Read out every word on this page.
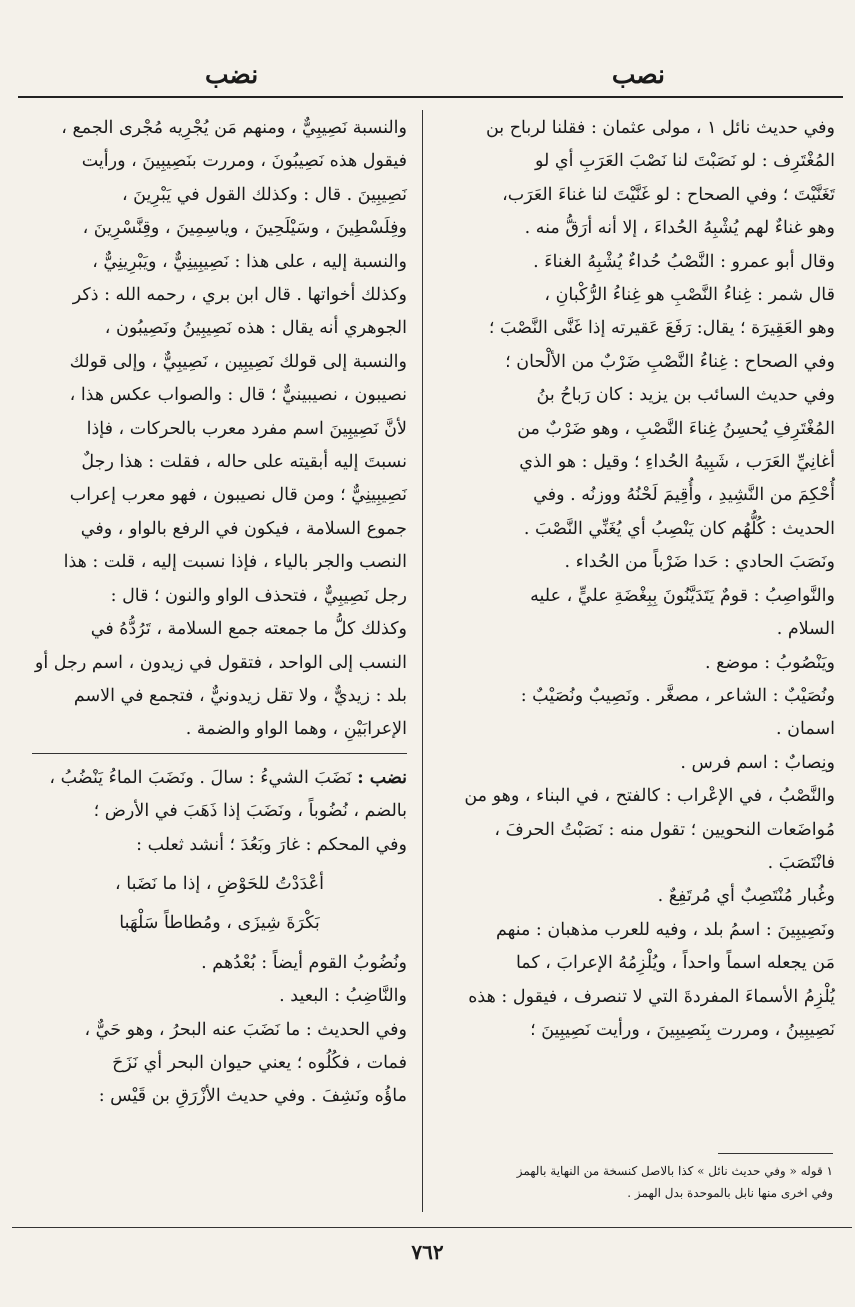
نصب
نضب

وفي حديث نائل ١ ، مولى عثمان : فقلنا لرباح بن

المُغْتَرِف : لو نَصَبْتَ لنا نَصْبَ العَرَبِ أي لو

تَغَنَّيْتَ ؛ وفي الصحاح : لو غَنَّيْتَ لنا غناءَ العَرَب،

وهو غناءٌ لهم يُشْبِهُ الحُداءَ ، إلا أنه أرَقُّ منه .

وقال أبو عمرو : النَّصْبُ حُداءٌ يُشْبِهُ الغناءَ .

قال شمر : غِناءُ النَّصْبِ هو غِناءُ الرُّكْبانِ ،

وهو العَقِيرَة ؛ يقال: رَفَعَ عَقيرته إذا غَنَّى النَّصْبَ ؛

وفي الصحاح : غِناءُ النَّصْبِ ضَرْبٌ من الألْحان ؛

وفي حديث السائب بن يزيد : كان رَباحُ بنُ

المُغْتَرِفِ يُحسِنُ غِناءَ النَّصْبِ ، وهو ضَرْبٌ من

أغانِيِّ العَرَب ، شَبِيهُ الحُداءِ ؛ وقيل : هو الذي

أُحْكِمَ من النَّشِيدِ ، وأُقِيمَ لَحْنُهُ ووزنُه . وفي

الحديث : كُلُّهُم كان يَنْصِبُ أي يُغَنِّي النَّصْبَ .

ونَصَبَ الحادي : حَدا ضَرْباً من الحُداء .

والنَّواصِبُ : قومٌ يَتَدَيَّنُونَ بِبِغْضَةِ عليٍّ ، عليه

السلام .

ويَنْصُوبُ : موضع .

ونُصَيْبٌ : الشاعر ، مصغَّر . ونَصِيبٌ ونُصَيْبٌ :

اسمان .

ونِصابٌ : اسم فرس .

والنَّصْبُ ، في الإعْراب : كالفتح ، في البناء ، وهو من

مُواضَعات النحويين ؛ تقول منه : نَصَبْتُ الحرفَ ،

فانْتَصَبَ .

وغُبار مُنْتَصِبٌ أي مُرتَفِعٌ .

ونَصِيبِينَ : اسمُ بلد ، وفيه للعرب مذهبان : منهم

مَن يجعله اسماً واحداً ، ويُلْزِمُهُ الإعرابَ ، كما

يُلْزِمُ الأسماءَ المفردةَ التي لا تنصرف ، فيقول : هذه

نَصِيبِينُ ، ومررت بِنَصِيبِينَ ، ورأيت نَصِيبِينَ ؛

والنسبة نَصِيبِيٌّ ، ومنهم مَن يُجْرِيه مُجْرى الجمع ،

فيقول هذه نَصِيبُونَ ، ومررت بنَصِيبِينَ ، ورأيت

نَصِيبِينَ . قال : وكذلك القول في يَبْرِينَ ،

وفِلَسْطِينَ ، وسَيْلَحِينَ ، وياسِمِينَ ، وقِنَّسْرِينَ ،

والنسبة إليه ، على هذا : نَصِيبِينِيٌّ ، ويَبْرِينِيٌّ ،

وكذلك أخواتها . قال ابن بري ، رحمه الله : ذكر

الجوهري أنه يقال : هذه نَصِيبِينُ ونَصِيبُون ،

والنسبة إلى قولك نَصِيبِين ، نَصِيبِيٌّ ، وإلى قولك

نصيبون ، نصيبينيٌّ ؛ قال : والصواب عكس هذا ،

لأنَّ نَصِيبِينَ اسم مفرد معرب بالحركات ، فإذا

نسبتَ إليه أبقيته على حاله ، فقلت : هذا رجلٌ

نَصِيبِينِيٌّ ؛ ومن قال نصيبون ، فهو معرب إعراب

جموع السلامة ، فيكون في الرفع بالواو ، وفي

النصب والجر بالياء ، فإذا نسبت إليه ، قلت : هذا

رجل نَصِيبِيٌّ ، فتحذف الواو والنون ؛ قال :

وكذلك كلُّ ما جمعته جمع السلامة ، تَرُدُّهُ في

النسب إلى الواحد ، فتقول في زيدون ، اسم رجل أو

بلد : زيديٌّ ، ولا تقل زيدونيٌّ ، فتجمع في الاسم

الإعرابَيْنِ ، وهما الواو والضمة .

نضب : نَضَبَ الشيءُ : سالَ . ونَضَبَ الماءُ يَنْضُبُ ،

بالضم ، نُضُوباً ، ونَضَبَ إذا ذَهَبَ في الأرض ؛

وفي المحكم : غارَ وبَعُدَ ؛ أنشد ثعلب :

أعْدَدْتُ للحَوْضِ ، إذا ما نَضَبا ،

بَكْرَةَ شِيزَى ، ومُطاطاً سَلْهَبا

ونُضُوبُ القوم أيضاً : بُعْدُهم .

والنَّاضِبُ : البعيد .

وفي الحديث : ما نَضَبَ عنه البحرُ ، وهو حَيٌّ ،

فمات ، فكُلُوه ؛ يعني حيوان البحر أي نَزَحَ

ماؤُه ونَشِفَ . وفي حديث الأزْرَقِ بن قَيْس :

١ قوله « وفي حديث نائل » كذا بالاصل كنسخة من النهاية بالهمز

وفي اخرى منها نابل بالموحدة بدل الهمز .

٧٦٢
